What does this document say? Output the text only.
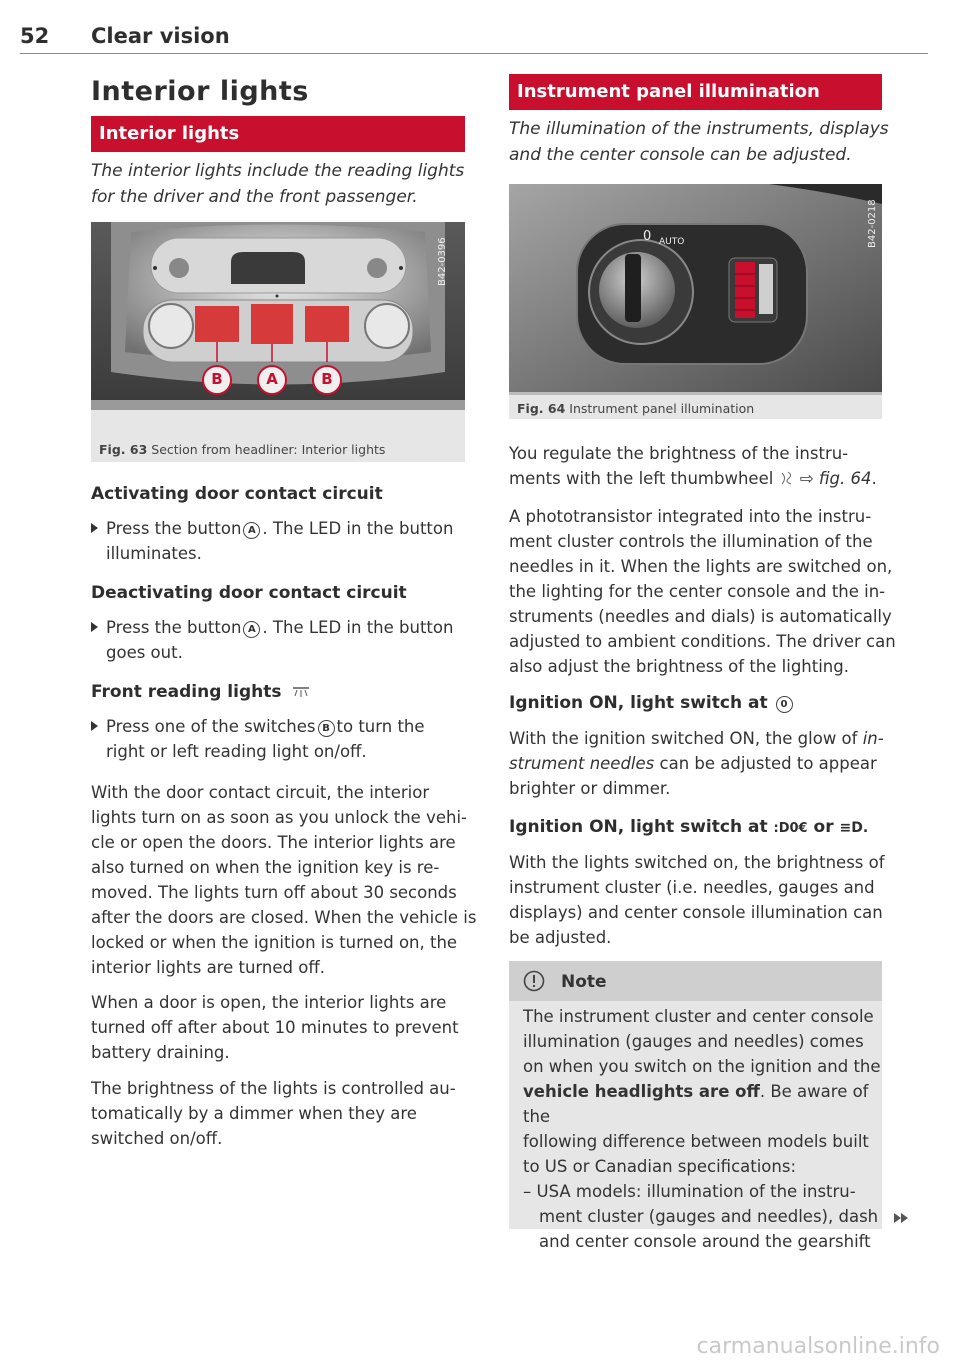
52 Clear vision
Interior lights
Interior lights
The interior lights include the reading lights
for the driver and the front passenger.
B	A	B
B42-0396
Fig. 63 Section from headliner: Interior lights
Activating door contact circuit
Press the button A . The LED in the button
illuminates.
Deactivating door contact circuit
Press the button A . The LED in the button
goes out.
Front reading lights
Press one of the switches B to turn the
right or left reading light on/off.
With the door contact circuit, the interior
lights turn on as soon as you unlock the vehi-
cle or open the doors. The interior lights are
also turned on when the ignition key is re-
moved. The lights turn off about 30 seconds
after the doors are closed. When the vehicle is
locked or when the ignition is turned on, the
interior lights are turned off.
When a door is open, the interior lights are
turned off after about 10 minutes to prevent
battery draining.
The brightness of the lights is controlled au-
tomatically by a dimmer when they are
switched on/off.
Instrument panel illumination
The illumination of the instruments, displays
and the center console can be adjusted.
AUTO
0	B42-0218
Fig. 64 Instrument panel illumination
You regulate the brightness of the instru-
ments with the left thumbwheel ⇨ fig. 64.
A phototransistor integrated into the instru-
ment cluster controls the illumination of the
needles in it. When the lights are switched on,
the lighting for the center console and the in-
struments (needles and dials) is automatically
adjusted to ambient conditions. The driver can
also adjust the brightness of the lighting.
Ignition ON, light switch at 0
With the ignition switched ON, the glow of in-
strument needles can be adjusted to appear
brighter or dimmer.
Ignition ON, light switch at :D0€ or ≡D.
With the lights switched on, the brightness of
instrument cluster (i.e. needles, gauges and
displays) and center console illumination can
be adjusted.
Note
The instrument cluster and center console
illumination (gauges and needles) comes
on when you switch on the ignition and the
vehicle headlights are off. Be aware of the
following difference between models built
to US or Canadian specifications:
– USA models: illumination of the instru-
ment cluster (gauges and needles), dash
and center console around the gearshift
carmanualsonline.info
